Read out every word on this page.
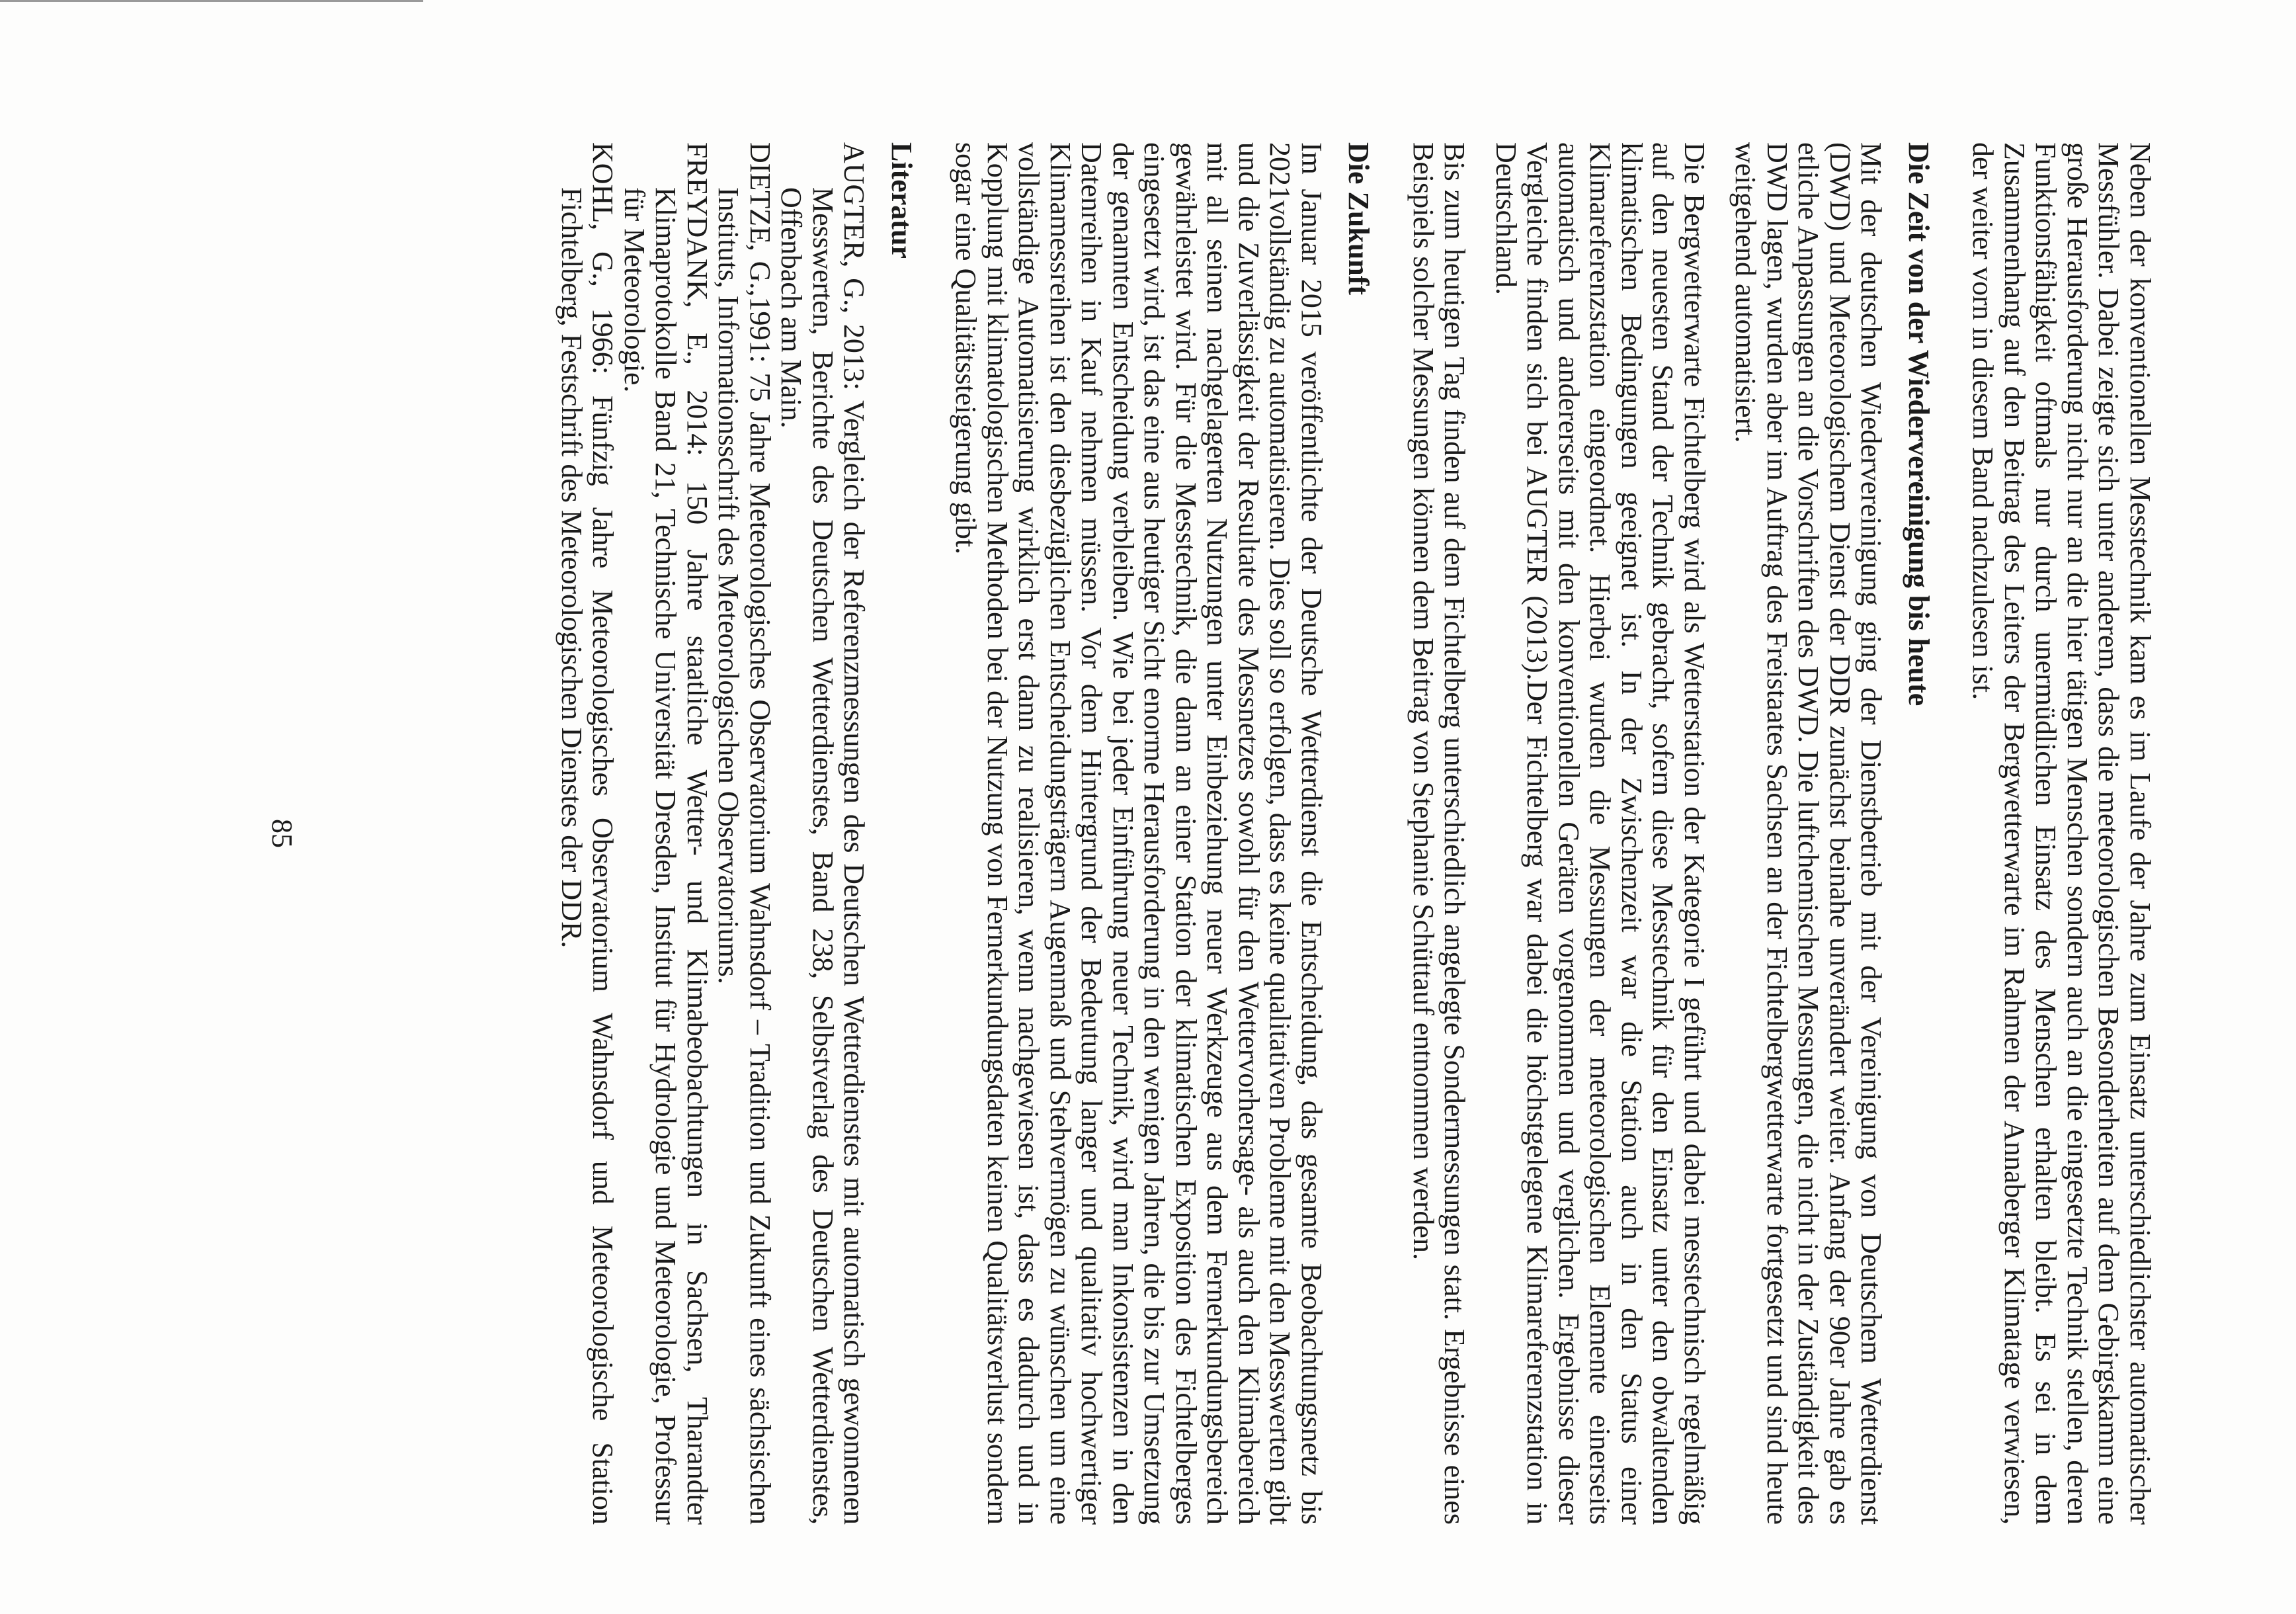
Neben der konventionellen Messtechnik kam es im Laufe der Jahre zum Einsatz unterschiedlichster automatischer Messfühler. Dabei zeigte sich unter anderem, dass die meteorologischen Besonderheiten auf dem Gebirgskamm eine große Herausforderung nicht nur an die hier tätigen Menschen sondern auch an die eingesetzte Technik stellen, deren Funktionsfähigkeit oftmals nur durch unermüdlichen Einsatz des Menschen erhalten bleibt. Es sei in dem Zusammenhang auf den Beitrag des Leiters der Bergwetterwarte im Rahmen der Annaberger Klimatage verwiesen, der weiter vorn in diesem Band nachzulesen ist.

Die Zeit von der Wiedervereinigung bis heute

Mit der deutschen Wiedervereinigung ging der Dienstbetrieb mit der Vereinigung von Deutschem Wetterdienst (DWD) und Meteorologischem Dienst der DDR zunächst beinahe unverändert weiter. Anfang der 90er Jahre gab es etliche Anpassungen an die Vorschriften des DWD. Die luftchemischen Messungen, die nicht in der Zuständigkeit des DWD lagen, wurden aber im Auftrag des Freistaates Sachsen an der Fichtelbergwetterwarte fortgesetzt und sind heute weitgehend automatisiert.

Die Bergwetterwarte Fichtelberg wird als Wetterstation der Kategorie I geführt und dabei messtechnisch regelmäßig auf den neuesten Stand der Technik gebracht, sofern diese Messtechnik für den Einsatz unter den obwaltenden klimatischen Bedingungen geeignet ist. In der Zwischenzeit war die Station auch in den Status einer Klimareferenzstation eingeordnet. Hierbei wurden die Messungen der meteorologischen Elemente einerseits automatisch und andererseits mit den konventionellen Geräten vorgenommen und verglichen. Ergebnisse dieser Vergleiche finden sich bei AUGTER (2013).Der Fichtelberg war dabei die höchstgelegene Klimareferenzstation in Deutschland.

Bis zum heutigen Tag finden auf dem Fichtelberg unterschiedlich angelegte Sondermessungen statt. Ergebnisse eines Beispiels solcher Messungen können dem Beitrag von Stephanie Schüttauf entnommen werden.

Die Zukunft

Im Januar 2015 veröffentlichte der Deutsche Wetterdienst die Entscheidung, das gesamte Beobachtungsnetz bis 2021vollständig zu automatisieren. Dies soll so erfolgen, dass es keine qualitativen Probleme mit den Messwerten gibt und die Zuverlässigkeit der Resultate des Messnetzes sowohl für den Wettervorhersage- als auch den Klimabereich mit all seinen nachgelagerten Nutzungen unter Einbeziehung neuer Werkzeuge aus dem Fernerkundungsbereich gewährleistet wird. Für die Messtechnik, die dann an einer Station der klimatischen Exposition des Fichtelberges eingesetzt wird, ist das eine aus heutiger Sicht enorme Herausforderung in den wenigen Jahren, die bis zur Umsetzung der genannten Entscheidung verbleiben. Wie bei jeder Einführung neuer Technik, wird man Inkonsistenzen in den Datenreihen in Kauf nehmen müssen. Vor dem Hintergrund der Bedeutung langer und qualitativ hochwertiger Klimamessreihen ist den diesbezüglichen Entscheidungsträgern Augenmaß und Stehvermögen zu wünschen um eine vollständige Automatisierung wirklich erst dann zu realisieren, wenn nachgewiesen ist, dass es dadurch und in Kopplung mit klimatologischen Methoden bei der Nutzung von Fernerkundungsdaten keinen Qualitätsverlust sondern sogar eine Qualitätssteigerung gibt.

Literatur

AUGTER, G., 2013: Vergleich der Referenzmessungen des Deutschen Wetterdienstes mit automatisch gewonnenen Messwerten, Berichte des Deutschen Wetterdienstes, Band 238, Selbstverlag des Deutschen Wetterdienstes, Offenbach am Main.

DIETZE, G.,1991: 75 Jahre Meteorologisches Observatorium Wahnsdorf – Tradition und Zukunft eines sächsischen Instituts, Informationsschrift des Meteorologischen Observatoriums.

FREYDANK, E., 2014: 150 Jahre staatliche Wetter- und Klimabeobachtungen in Sachsen, Tharandter Klimaprotokolle Band 21, Technische Universität Dresden, Institut für Hydrologie und Meteorologie, Professur für Meteorologie.

KOHL, G., 1966: Fünfzig Jahre Meteorologisches Observatorium Wahnsdorf und Meteorologische Station Fichtelberg, Festschrift des Meteorologischen Dienstes der DDR.

85
